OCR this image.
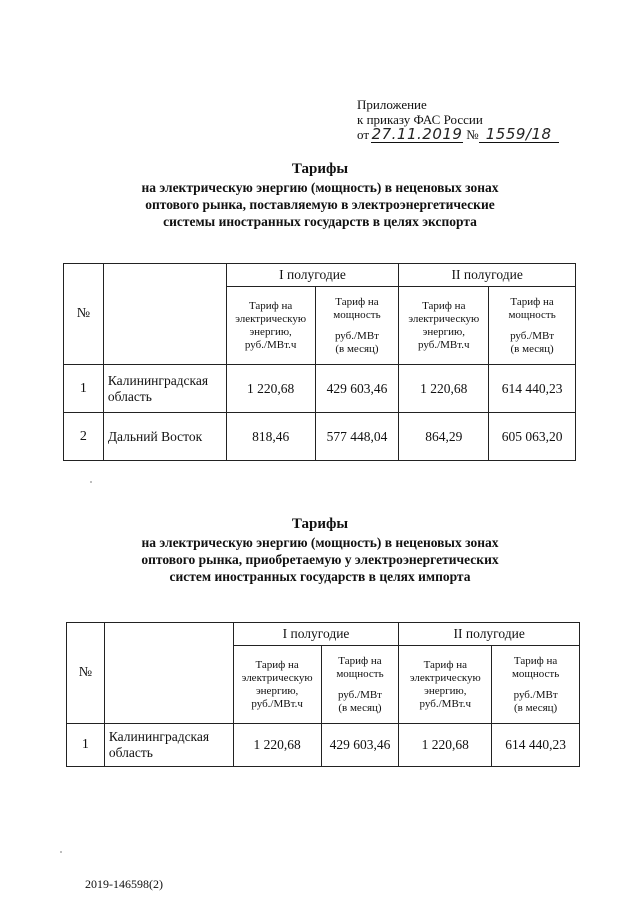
Приложение
к приказу ФАС России
от 27.11.2019 № 1559/18
Тарифы
на электрическую энергию (мощность) в неценовых зонах
оптового рынка, поставляемую в электроэнергетические
системы иностранных государств в целях экспорта
№		I полугодие		II полугодие	

		Тариф на
электрическую
энергию,
руб./МВт.ч	Тариф на
мощность
руб./МВт
(в месяц)	Тариф на
электрическую
энергию,
руб./МВт.ч	Тариф на
мощность
руб./МВт
(в месяц)

1	Калининградская область	1 220,68	429 603,46	1 220,68	614 440,23
2	Дальний Восток	818,46	577 448,04	864,29	605 063,20
Тарифы
на электрическую энергию (мощность) в неценовых зонах
оптового рынка, приобретаемую у электроэнергетических
систем иностранных государств в целях импорта
№		I полугодие		II полугодие	

		Тариф на
электрическую
энергию,
руб./МВт.ч	Тариф на
мощность
руб./МВт
(в месяц)	Тариф на
электрическую
энергию,
руб./МВт.ч	Тариф на
мощность
руб./МВт
(в месяц)

1	Калининградская область	1 220,68	429 603,46	1 220,68	614 440,23
2019-146598(2)
